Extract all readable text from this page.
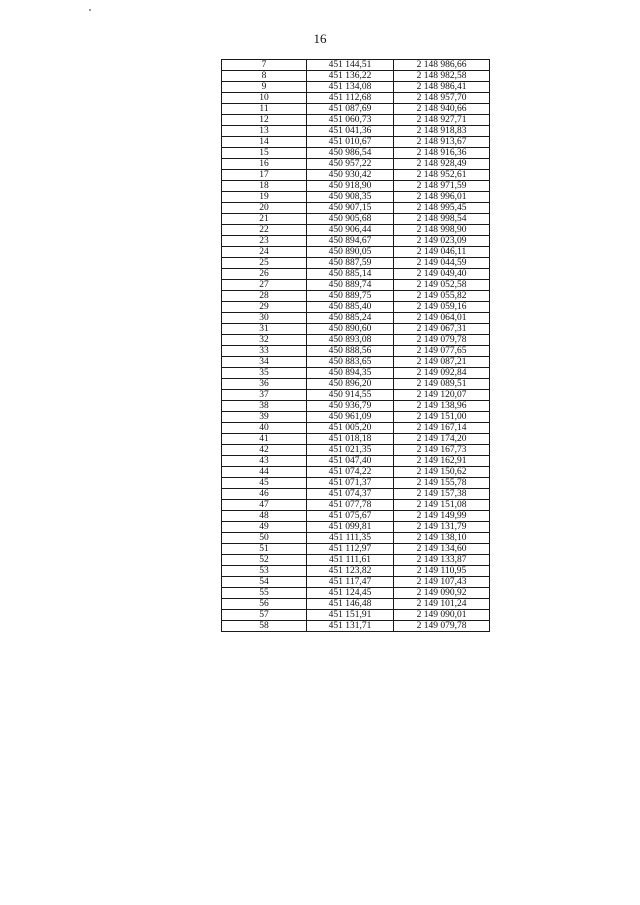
16
7	451 144,51	2 148 986,66
8	451 136,22	2 148 982,58
9	451 134,08	2 148 986,41
10	451 112,68	2 148 957,70
11	451 087,69	2 148 940,66
12	451 060,73	2 148 927,71
13	451 041,36	2 148 918,83
14	451 010,67	2 148 913,67
15	450 986,54	2 148 916,36
16	450 957,22	2 148 928,49
17	450 930,42	2 148 952,61
18	450 918,90	2 148 971,59
19	450 908,35	2 148 996,01
20	450 907,15	2 148 995,45
21	450 905,68	2 148 998,54
22	450 906,44	2 148 998,90
23	450 894,67	2 149 023,09
24	450 890,05	2 149 046,11
25	450 887,59	2 149 044,59
26	450 885,14	2 149 049,40
27	450 889,74	2 149 052,58
28	450 889,75	2 149 055,82
29	450 885,40	2 149 059,16
30	450 885,24	2 149 064,01
31	450 890,60	2 149 067,31
32	450 893,08	2 149 079,78
33	450 888,56	2 149 077,65
34	450 883,65	2 149 087,21
35	450 894,35	2 149 092,84
36	450 896,20	2 149 089,51
37	450 914,55	2 149 120,07
38	450 936,79	2 149 138,96
39	450 961,09	2 149 151,00
40	451 005,20	2 149 167,14
41	451 018,18	2 149 174,20
42	451 021,35	2 149 167,73
43	451 047,40	2 149 162,91
44	451 074,22	2 149 150,62
45	451 071,37	2 149 155,78
46	451 074,37	2 149 157,38
47	451 077,78	2 149 151,08
48	451 075,67	2 149 149,99
49	451 099,81	2 149 131,79
50	451 111,35	2 149 138,10
51	451 112,97	2 149 134,60
52	451 111,61	2 149 133,87
53	451 123,82	2 149 110,95
54	451 117,47	2 149 107,43
55	451 124,45	2 149 090,92
56	451 146,48	2 149 101,24
57	451 151,91	2 149 090,01
58	451 131,71	2 149 079,78
